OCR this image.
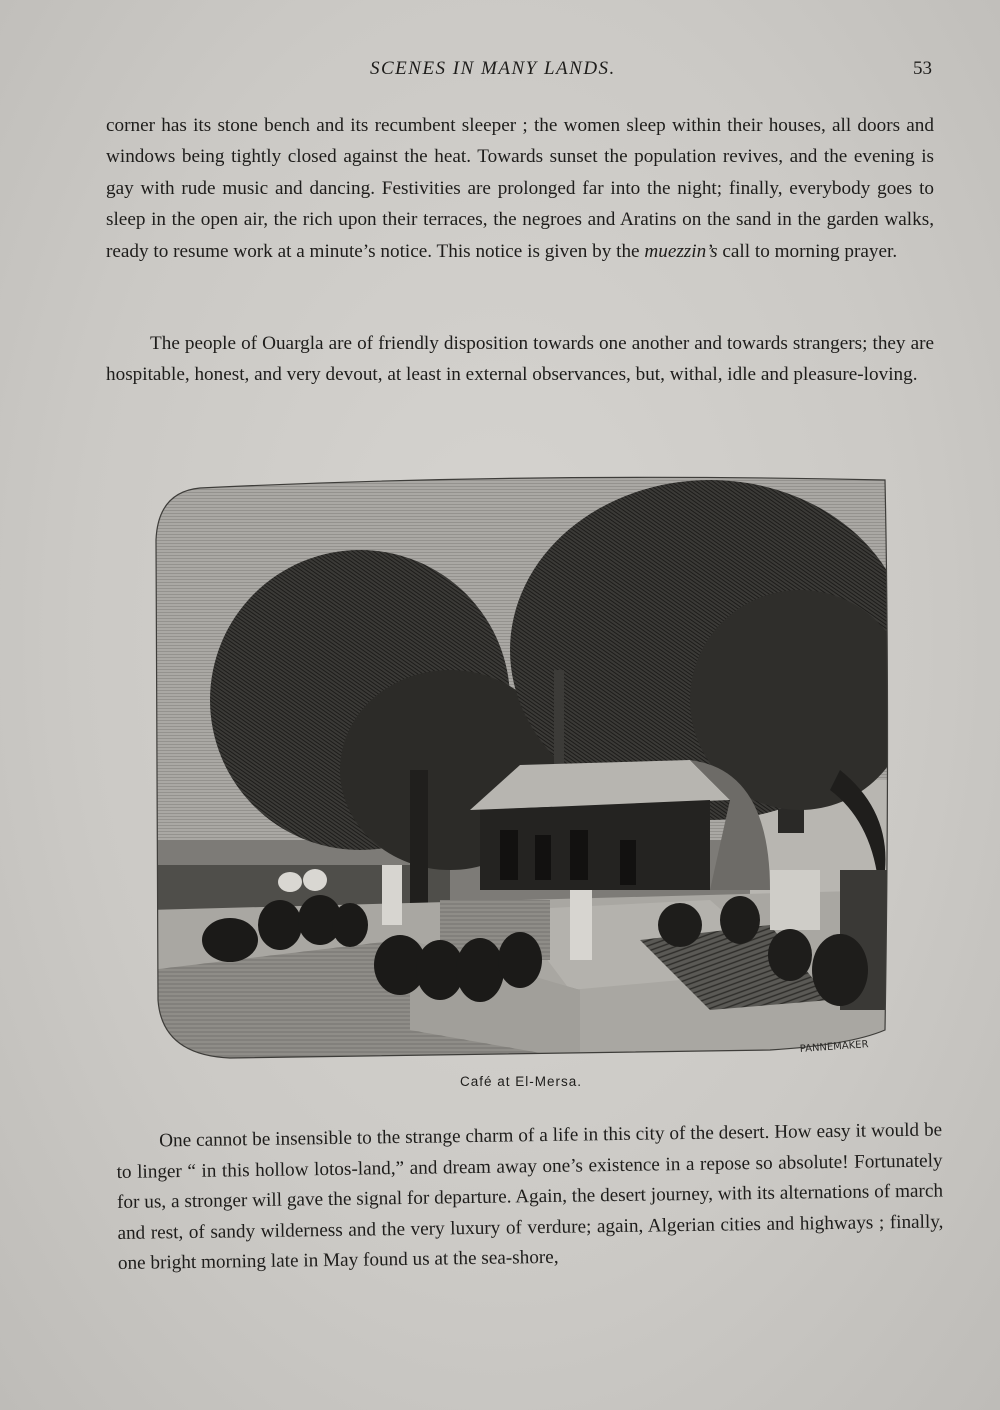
SCENES IN MANY LANDS.	53

corner has its stone bench and its recumbent sleeper ; the women sleep within their houses, all doors and windows being tightly closed against the heat. Towards sunset the population revives, and the evening is gay with rude music and dancing. Festivities are prolonged far into the night; finally, everybody goes to sleep in the open air, the rich upon their terraces, the negroes and Aratins on the sand in the garden walks, ready to resume work at a minute’s notice. This notice is given by the muezzin’s call to morning prayer.

The people of Ouargla are of friendly disposition towards one another and towards strangers; they are hospitable, honest, and very devout, at least in external observances, but, withal, idle and pleasure-loving.

PANNEMAKER
Café at El-Mersa.

One cannot be insensible to the strange charm of a life in this city of the desert. How easy it would be to linger “ in this hollow lotos-land,” and dream away one’s existence in a repose so absolute! Fortunately for us, a stronger will gave the signal for departure. Again, the desert journey, with its alternations of march and rest, of sandy wilderness and the very luxury of verdure; again, Algerian cities and highways ; finally, one bright morning late in May found us at the sea-shore,
